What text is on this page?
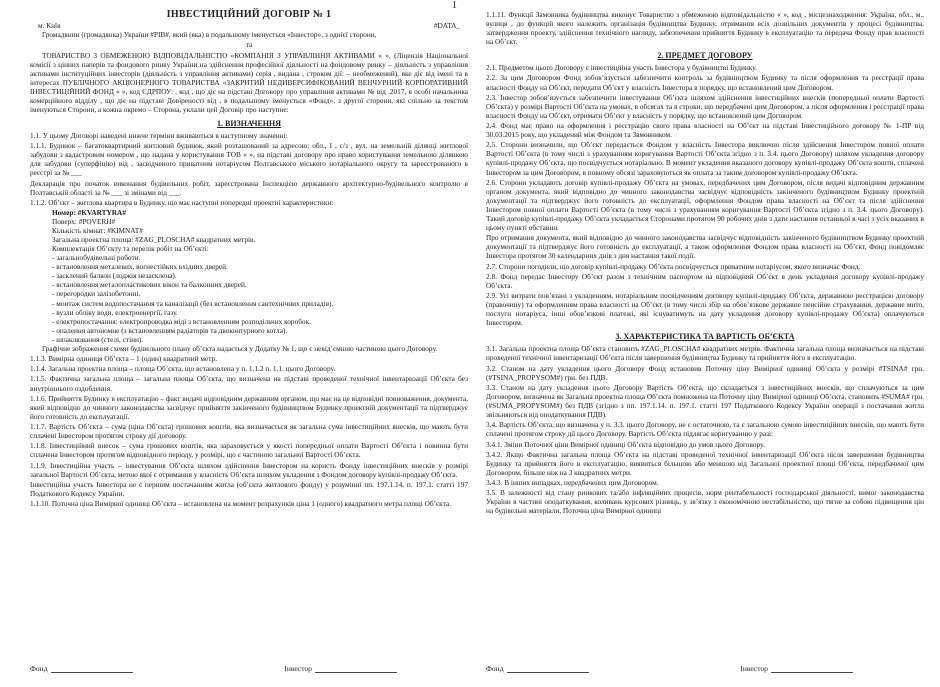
1

ІНВЕСТИЦІЙНИЙ ДОГОВІР № 1

м. Київ	#DATA_

Громадянин (громадянка) України #PIB#, який (яка) в подальшому іменується «Інвестор», з однієї сторони,

та

ТОВАРИСТВО З ОБМЕЖЕНОЮ ВІДПОВІДАЛЬНІСТЮ «КОМПАНІЯ З УПРАВЛІННЯ АКТИВАМИ « », (Ліцензія Національної комісії з цінних паперів та фондового ринку України на здійснення професійної діяльності на фондовому ринку – діяльність з управління активами інституційних інвесторів (діяльність з управління активами) серія , видана , строком дії: – необмежений), яке діє від імені та в інтересах ПУБЛІЧНОГО АКЦІОНЕРНОГО ТОВАРИСТВА «ЗАКРИТИЙ НЕДИВЕРСИФІКОВАНИЙ ВЕНЧУРНИЙ КОРПОРАТИВНИЙ ІНВЕСТИЦІЙНИЙ ФОНД « », код ЄДРПОУ: , код , що діє на підставі Договору про управління активами № від .2017, в особі начальника комерційного відділу , що діє на підставі Довіреності від , в подальшому іменується «Фонд», з другої сторони, які спільно за текстом іменуються Сторони, а кожна окремо – Сторона, уклали цей Договір про наступне:

1. ВИЗНАЧЕННЯ

1.1. У цьому Договорі наведені нижче терміни вживаються в наступному значенні:

1.1.1. Будинок – багатоквартирний житловий будинок, який розташований за адресою: обл., I , с/з , вул. на земельній ділянці житлової забудови з кадастровим номером , що надана у користування ТОВ « », на підставі договору про право користування земельною ділянкою для забудови (суперфіцію) від , засвідченого приватним нотаріусом Полтавського міського нотаріального округу та зареєстрованого в реєстрі за № ___

Декларація про початок виконання будівельних робіт, зареєстрована Інспекцією державного архітектурно-будівельного контролю в Полтавській області за № ___ зі змінами від ___.

1.1.2. Об’єкт – житлова квартира в Будинку, що має наступні попередні проектні характеристики:

Номер: #KVARTYRA#

Поверх: #POVERH#

Кількість кімнат: #KIMNAT#

Загальна проектна площа: #ZAG_PLOSCHA# квадратних метрів.

Комплектація Об’єкту та перелік робіт на Об’єкті:

- загальнобудівельні роботи.

- встановлення металевих, вогнестійких вхідних дверей.

- засклений балкон (лоджія незасклена).

- встановлення металопластикових вікон та балконних дверей.

- перегородки залізобетонні.

- монтаж систем водопостачання та каналізації (без встановлення сантехнічних приладів).

- вузли обліку води, електроенергії, газу.

- електропостачання: електропроводка міді з встановленням розподільчих коробок.

- опалення автономне (з встановленням радіаторів та двоконтурного котла).

- шпаклювання (стелі, стіни).

Графічне зображення схеми будівельного плану об’єкта надається у Додатку № 1, що є невід’ємною частиною цього Договору.

1.1.3. Вимірна одиниця Об’єкта – 1 (один) квадратний метр.

1.1.4. Загальна проектна площа – площа Об’єкта, що встановлена у п. 1.1.2 п. 1.1. цього Договору.

1.1.5. Фактична загальна площа – загальна площа Об’єкта, що визначена на підставі проведеної технічної інвентаризації Об’єкта без внутрішнього оздоблення.

1.1.6. Прийняття Будинку в експлуатацію – факт видачі відповідним державним органом, що має на це відповідні повноваження, документа, який відповідно до чинного законодавства засвідчує прийняття закінченого будівництвом Будинку проектній документації та підтверджує його готовність до експлуатації.

1.1.7. Вартість Об’єкта – сума (ціна Об’єкта) грошових коштів, яка визначається як загальна сума інвестиційних внесків, що мають бути сплачені Інвестором протягом строку дії договору.

1.1.8. Інвестиційний внесок – сума грошових коштів, яка зараховується у якості попередньої оплати Вартості Об’єкта і повинна бути сплачена Інвестором протягом відповідного періоду, у розмірі, що є частиною загальної Вартості Об’єкта.

1.1.9. Інвестиційна участь – інвестування Об’єкта шляхом здійснення Інвестором на користь Фонду інвестиційних внесків у розмірі загальної Вартості Об’єкта, метою якої є отримання у власність Об’єкта шляхом укладення з Фондом договору купівлі-продажу Об’єкта.

Інвестиційна участь Інвестора не є першим постачанням житла (об’єкта житлового фонду) у розумінні пп. 197.1.14. п. 197.1. статті 197 Податкового Кодексу України.

1.1.10. Поточна ціна Вимірної одиниці Об’єкта – встановлена на момент розрахунків ціна 1 (одного) квадратного метра площі Об’єкта.

1.1.11. Функції Замовника будівництва виконує Товариство з обмеженою відповідальністю « », код , місцезнаходження: Україна, обл., м., вулиця , до функцій якого належить організація будівництва Будинку, отримання всіх дозвільних документів у процесі будівництва, затвердження проекту, здійснення технічного нагляду, забезпечення прийняття Будинку в експлуатацію та передача Фонду прав власності на Об’єкт.

2. ПРЕДМЕТ ДОГОВОРУ

2.1. Предметом цього Договору є інвестиційна участь Інвестора у будівництві Будинку.

2.2. За цим Договором Фонд зобов’язується забезпечити контроль за будівництвом Будинку та після оформлення та реєстрації права власності Фонду на Об’єкт, передати Об’єкт у власність Інвестора в порядку, що встановлений цим Договором.

2.3. Інвестор зобов’язується забезпечити інвестування Об’єкта шляхом здійснення інвестиційних внесків (попередньої оплати Вартості Об’єкта) у розмірі Вартості Об’єкта на умовах, в обсягах та в строки, що передбачені цим Договором, а після оформлення і реєстрації права власності Фонду на Об’єкт, отримати Об’єкт у власність у порядку, що встановлений цим Договором.

2.4. Фонд має право на оформлення і реєстрацію свого права власності на Об’єкт на підставі Інвестиційного договору № 1-ПР від 30.03.2015 року, що укладений між Фондом та Замовником.

2.5. Сторони визначили, що Об’єкт передається Фондом у власність Інвестора виключно після здійснення Інвестором повної оплати Вартості Об’єкта (в тому числі з урахуванням коригування Вартості Об’єкта згідно з п. 3.4. цього Договору) шляхом укладення договору купівлі-продажу Об’єкта, що посвідчується нотаріально. В момент укладення вказаного договору купівлі-продажу Об’єкта кошти, сплачені Інвестором за цим Договором, в повному обсязі зараховуються як оплата за таким договором купівлі-продажу Об’єкта.

2.6. Сторони укладають договір купівлі-продажу Об’єкта на умовах, передбачених цим Договором, після видачі відповідним державним органом документа, який відповідно до чинного законодавства засвідчує відповідність закінченого будівництвом Будинку проектній документації та підтверджує його готовність до експлуатації, оформлення Фондом права власності на Об’єкт та після здійснення Інвестором повної оплати Вартості Об’єкта (в тому числі з урахуванням коригування Вартості Об’єкта згідно з п. 3.4. цього Договору). Такий договір купівлі-продажу Об’єкта укладається Сторонами протягом 90 робочих днів з дати настання останньої в часі з усіх вказаних в цьому пункті обставин.

Про отримання документа, який відповідно до чинного законодавства засвідчує відповідність закінченого будівництвом Будинку проектній документації та підтверджує його готовність до експлуатації, а також оформлення Фондом права власності на Об’єкт, Фонд повідомляє Інвестора протягом 30 календарних днів з дня настання такої події.

2.7. Сторони погодили, що договір купівлі-продажу Об’єкта посвідчується приватним нотаріусом, якого визначає Фонд.

2.8. Фонд передає Інвестору Об’єкт разом з технічним паспортом на відповідний Об’єкт в день укладення договору купівлі-продажу Об’єкта.

2.9. Усі витрати пов’язані з укладенням, нотаріальним посвідченням договору купівлі-продажу Об’єкта, державною реєстрацією договору (правочину) та оформленням права власності на Об’єкт (в тому числі збір на обов’язкове державне пенсійне страхування, державне мито, послуги нотаріуса, інші обов’язкові платежі, які існуватимуть на дату укладення договору купівлі-продажу Об’єкта) оплачуються Інвестором.

3. ХАРАКТЕРИСТИКА ТА ВАРТІСТЬ ОБ’ЄКТА

3.1. Загальна проектна площа Об’єкта становить #ZAG_PLOSCHA# квадратних метрів. Фактична загальна площа визначається на підставі проведеної технічної інвентаризації Об’єкта після завершення будівництва Будинку та прийняття його в експлуатацію.

3.2. Станом на дату укладення цього Договору Фонд встановив Поточну ціну Вимірної одиниці Об’єкта у розмірі #TSINA# грн. (#TSINA_PROPYSOM#) грн. без ПДВ.

3.3. Станом на дату укладення цього Договору Вартість Об’єкта, що складається з інвестиційних внесків, що сплачуються за цим Договором, визначена як Загальна проектна площа Об’єкта помножена на Поточну ціну Вимірної одиниці Об’єкта, становить #SUMA# грн. (#SUMA_PROPYSOM#) без ПДВ (згідно з пп. 197.1.14. п. 197.1. статті 197 Податкового Кодексу України операції з постачання житла звільняються від оподаткування ПДВ).

3.4. Вартість Об’єкта, що визначена у п. 3.3. цього Договору, не є остаточною, та є загальною сумою інвестиційних внесків, що мають бути сплачені протягом строку дії цього Договору. Вартість Об’єкта підлягає коригуванню у разі:

3.4.1. Зміни Поточної ціни Вимірної одиниці Об’єкта відповідно до умов цього Договору.

3.4.2. Якщо Фактична загальна площа Об’єкта на підставі проведеної технічної інвентаризації Об’єкта після завершення будівництва Будинку та прийняття його в експлуатацію, виявиться більшою або меншою від Загальної проектної площі Об’єкта, передбаченої цим Договором, більше ніж на 3 квадратних метри.

3.4.3. В інших випадках, передбачених цим Договором.

3.5. В залежності від стану ринкових та/або інфляційних процесів, норм рентабельності господарської діяльності, вимог законодавства України в частині оподаткування, коливань курсових різниць, у зв’язку з економічною нестабільністю, що тягне за собою підвищення цін на будівельні матеріали, Поточна ціна Вимірної одиниці

Фонд	Інвестор	Фонд	Інвестор
